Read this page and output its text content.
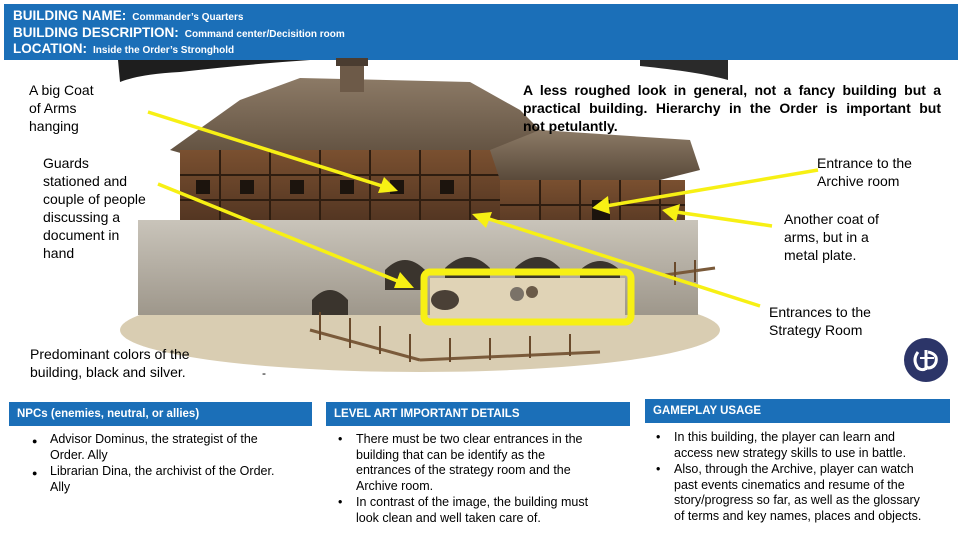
BUILDING NAME: Commander’s Quarters
BUILDING DESCRIPTION: Command center/Decisition room
LOCATION: Inside the Order’s Stronghold
A big Coat
of Arms
hanging
Guards
stationed and
couple of people
discussing a
document in
hand
A less roughed look in general, not a fancy building but a
practical building. Hierarchy in the Order is important but
not petulantly.
Entrance to the
Archive room
Another coat of
arms, but in a
metal plate.
Entrances to the
Strategy Room
Predominant colors of the
building, black and silver.	-
NPCs (enemies, neutral, or allies)
● Advisor Dominus, the strategist of the
Order. Ally
● Librarian Dina, the archivist of the Order.
Ally
LEVEL ART IMPORTANT DETAILS
• There must be two clear entrances in the
building that can be identify as the
entrances of the strategy room and the
Archive room.
• In contrast of the image, the building must
look clean and well taken care of.
GAMEPLAY USAGE
• In this building, the player can learn and
access new strategy skills to use in battle.
• Also, through the Archive, player can watch
past events cinematics and resume of the
story/progress so far, as well as the glossary
of terms and key names, places and objects.
